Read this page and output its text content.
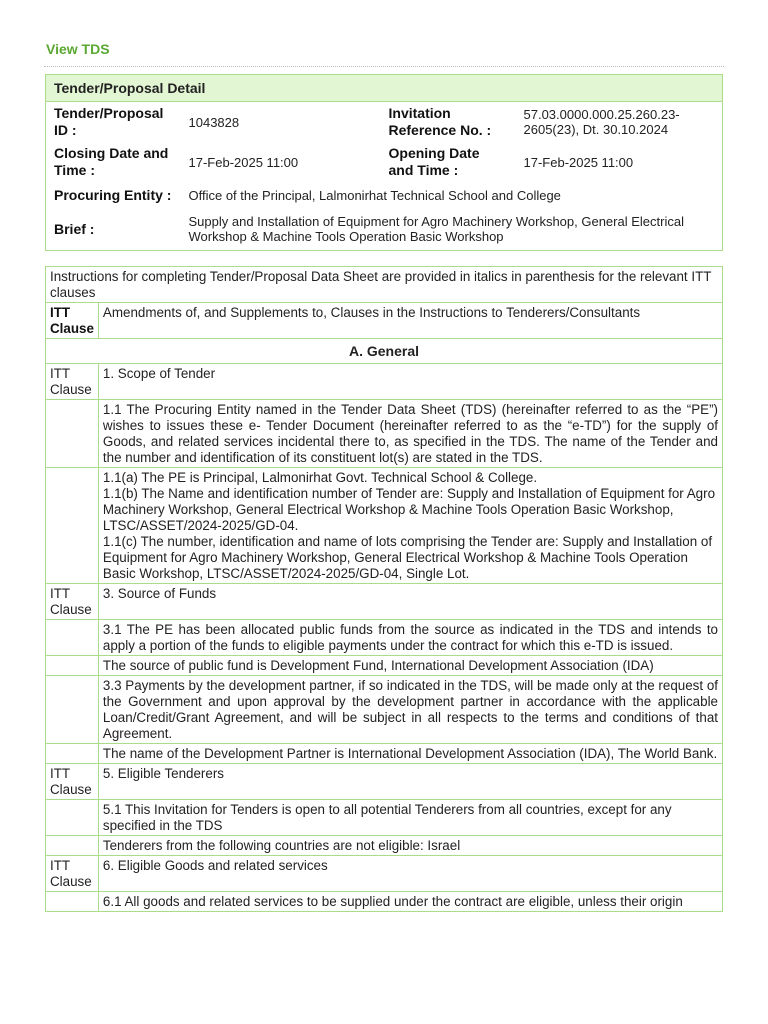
View TDS
Tender/Proposal Detail			
Tender/Proposal ID :	1043828	Invitation Reference No. :	57.03.0000.000.25.260.23-2605(23), Dt. 30.10.2024
Closing Date and Time :	17-Feb-2025 11:00	Opening Date and Time :	17-Feb-2025 11:00
Procuring Entity :	Office of the Principal, Lalmonirhat Technical School and College		
Brief :	Supply and Installation of Equipment for Agro Machinery Workshop, General Electrical Workshop & Machine Tools Operation Basic Workshop		
Instructions for completing Tender/Proposal Data Sheet are provided in italics in parenthesis for the relevant ITT clauses	
ITT Clause	Amendments of, and Supplements to, Clauses in the Instructions to Tenderers/Consultants
A. General	
ITT Clause	1. Scope of Tender
	1.1 The Procuring Entity named in the Tender Data Sheet (TDS) (hereinafter referred to as the “PE”) wishes to issues these e- Tender Document (hereinafter referred to as the “e-TD”) for the supply of Goods, and related services incidental there to, as specified in the TDS. The name of the Tender and the number and identification of its constituent lot(s) are stated in the TDS.

	1.1(a) The PE is Principal, Lalmonirhat Govt. Technical School & College.

1.1(b) The Name and identification number of Tender are: Supply and Installation of Equipment for Agro Machinery Workshop, General Electrical Workshop & Machine Tools Operation Basic Workshop, LTSC/ASSET/2024-2025/GD-04.

1.1(c) The number, identification and name of lots comprising the Tender are: Supply and Installation of Equipment for Agro Machinery Workshop, General Electrical Workshop & Machine Tools Operation Basic Workshop, LTSC/ASSET/2024-2025/GD-04, Single Lot.

ITT Clause	3. Source of Funds
	3.1 The PE has been allocated public funds from the source as indicated in the TDS and intends to apply a portion of the funds to eligible payments under the contract for which this e-TD is issued.
	The source of public fund is Development Fund, International Development Association (IDA)
	3.3 Payments by the development partner, if so indicated in the TDS, will be made only at the request of the Government and upon approval by the development partner in accordance with the applicable Loan/Credit/Grant Agreement, and will be subject in all respects to the terms and conditions of that Agreement.
	The name of the Development Partner is International Development Association (IDA), The World Bank.
ITT Clause	5. Eligible Tenderers
	5.1 This Invitation for Tenders is open to all potential Tenderers from all countries, except for any specified in the TDS
	Tenderers from the following countries are not eligible: Israel
ITT Clause	6. Eligible Goods and related services
	6.1 All goods and related services to be supplied under the contract are eligible, unless their origin
